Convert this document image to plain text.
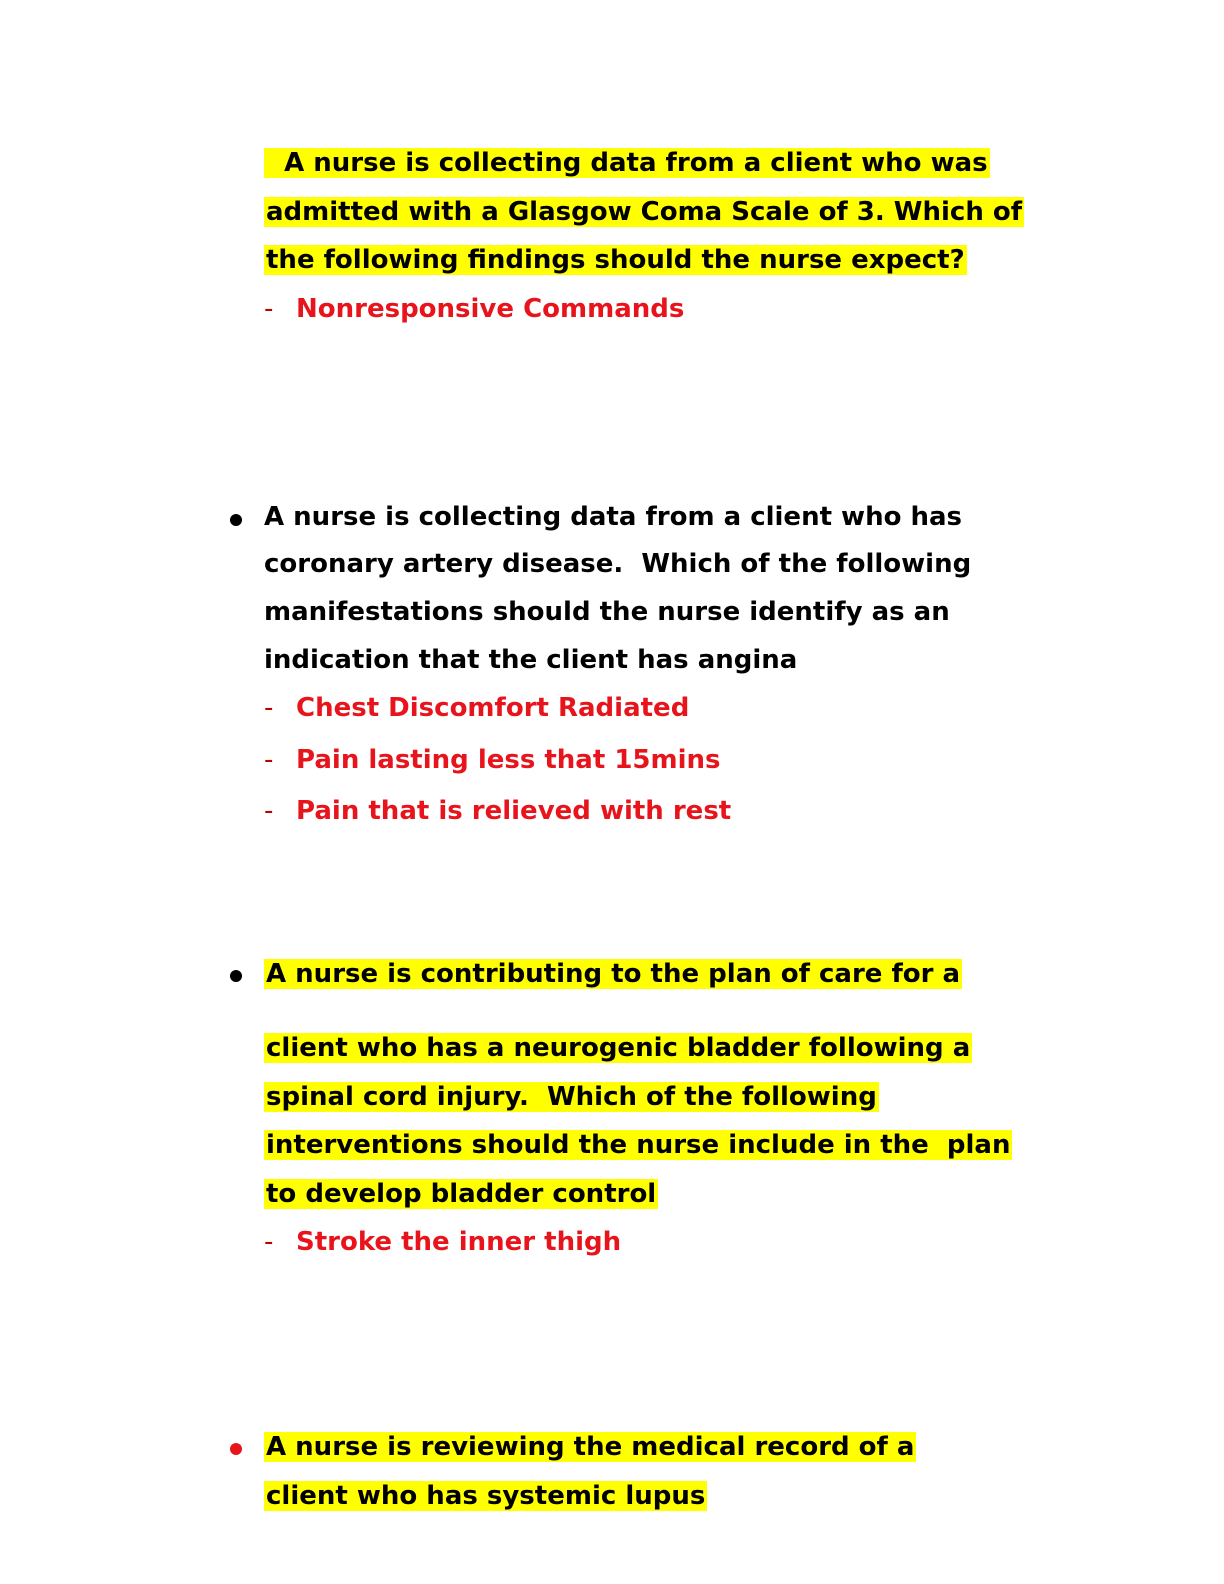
A nurse is collecting data from a client who was
admitted with a Glasgow Coma Scale of 3. Which of
the following findings should the nurse expect?
- Nonresponsive Commands
A nurse is collecting data from a client who has
coronary artery disease.  Which of the following
manifestations should the nurse identify as an
indication that the client has angina
- Chest Discomfort Radiated
- Pain lasting less that 15mins
- Pain that is relieved with rest
A nurse is contributing to the plan of care for a
client who has a neurogenic bladder following a
spinal cord injury.  Which of the following
interventions should the nurse include in the  plan
to develop bladder control
- Stroke the inner thigh
A nurse is reviewing the medical record of a
client who has systemic lupus
